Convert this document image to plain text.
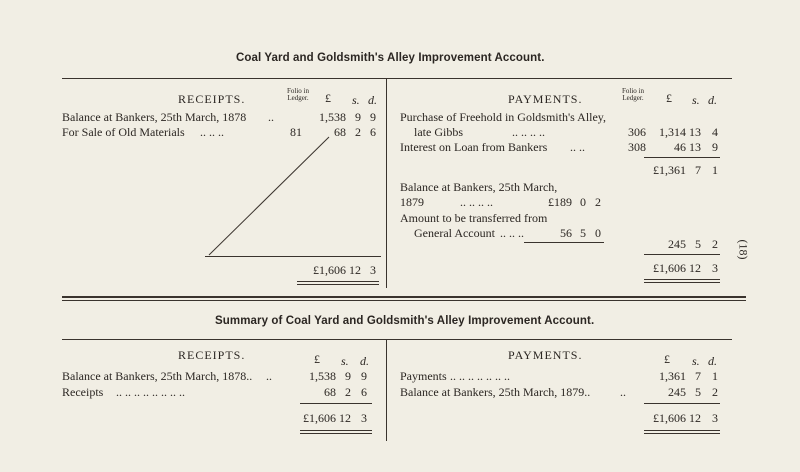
Coal Yard and Goldsmith's Alley Improvement Account.
RECEIPTS.
Folio in
Ledger.	£ s. d.
Balance at Bankers, 25th March, 1878 ..	1,538 9 9
For Sale of Old Materials .. .. ..	81	68 2 6
£1,606 12 3
PAYMENTS.
Folio in
Ledger.	£ s. d.
Purchase of Freehold in Goldsmith's Alley,
late Gibbs	.. .. .. ..	306	1,314 13 4
Interest on Loan from Bankers .. ..	308	46 13 9
£1,361 7 1
Balance at Bankers, 25th March,
1879	.. .. .. ..	£189 0 2
Amount to be transferred from
General Account .. .. ..	56 5 0
245 5 2
£1,606 12 3
(18)
Summary of Coal Yard and Goldsmith's Alley Improvement Account.
RECEIPTS.	£ s. d.
Balance at Bankers, 25th March, 1878.. ..	1,538 9 9
Receipts .. .. .. .. .. .. .. ..	68 2 6
£1,606 12 3
PAYMENTS.	£ s. d.
Payments .. .. .. .. .. .. ..	1,361 7 1
Balance at Bankers, 25th March, 1879.. ..	245 5 2
£1,606 12 3
